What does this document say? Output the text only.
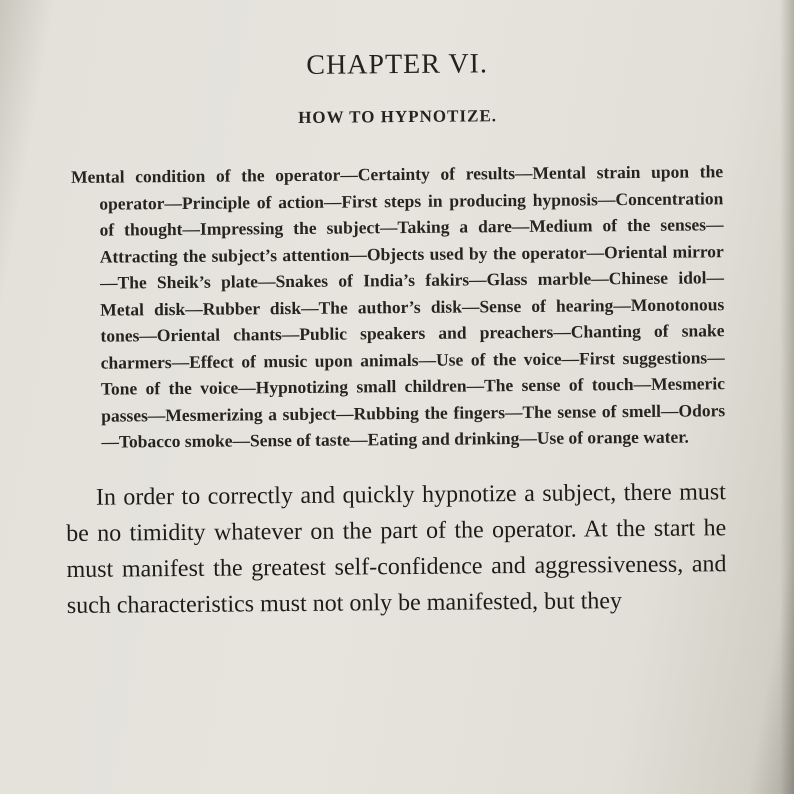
CHAPTER VI.
HOW TO HYPNOTIZE.

Mental condition of the operator—Certainty of results—Mental strain upon the operator—Principle of action—First steps in producing hypnosis—Concentration of thought—Impressing the subject—Taking a dare—Medium of the senses—Attracting the subject’s attention—Objects used by the operator—Oriental mirror—The Sheik’s plate—Snakes of India’s fakirs—Glass marble—Chinese idol—Metal disk—Rubber disk—The author’s disk—Sense of hearing—Monotonous tones—Oriental chants—Public speakers and preachers—Chanting of snake charmers—Effect of music upon animals—Use of the voice—First suggestions—Tone of the voice—Hypnotizing small children—The sense of touch—Mesmeric passes—Mesmerizing a subject—Rubbing the fingers—The sense of smell—Odors—Tobacco smoke—Sense of taste—Eating and drinking—Use of orange water.

In order to correctly and quickly hypnotize a subject, there must be no timidity whatever on the part of the operator. At the start he must manifest the greatest self-confidence and aggressiveness, and such characteristics must not only be manifested, but they
